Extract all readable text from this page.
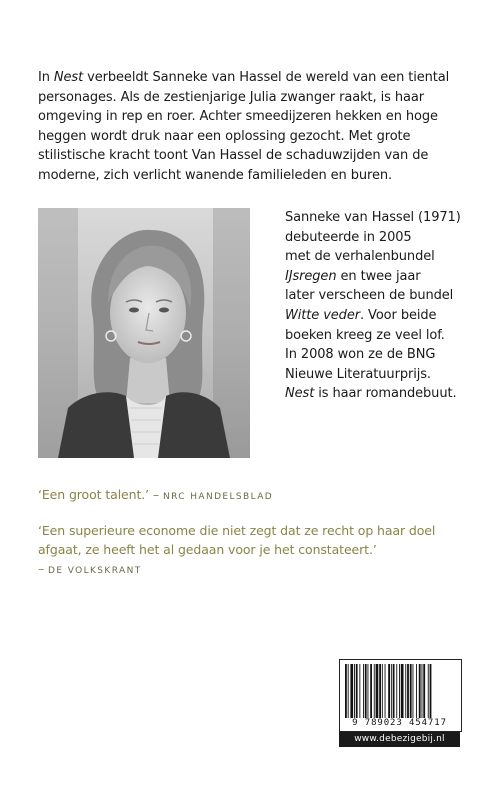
In Nest verbeeldt Sanneke van Hassel de wereld van een tiental personages. Als de zestienjarige Julia zwanger raakt, is haar omgeving in rep en roer. Achter smeedijzeren hekken en hoge heggen wordt druk naar een oplossing gezocht. Met grote stilistische kracht toont Van Hassel de schaduwzijden van de moderne, zich verlicht wanende familieleden en buren.
Sanneke van Hassel (1971)
debuteerde in 2005
met de verhalenbundel
IJsregen en twee jaar
later verscheen de bundel
Witte veder. Voor beide
boeken kreeg ze veel lof.
In 2008 won ze de BNG
Nieuwe Literatuurprijs.
Nest is haar romandebuut.
‘Een groot talent.’ – NRC HANDELSBLAD
‘Een superieure econome die niet zegt dat ze recht op haar doel afgaat, ze heeft het al gedaan voor je het constateert.’
– DE VOLKSKRANT
9 789023 454717
www.debezigebij.nl
